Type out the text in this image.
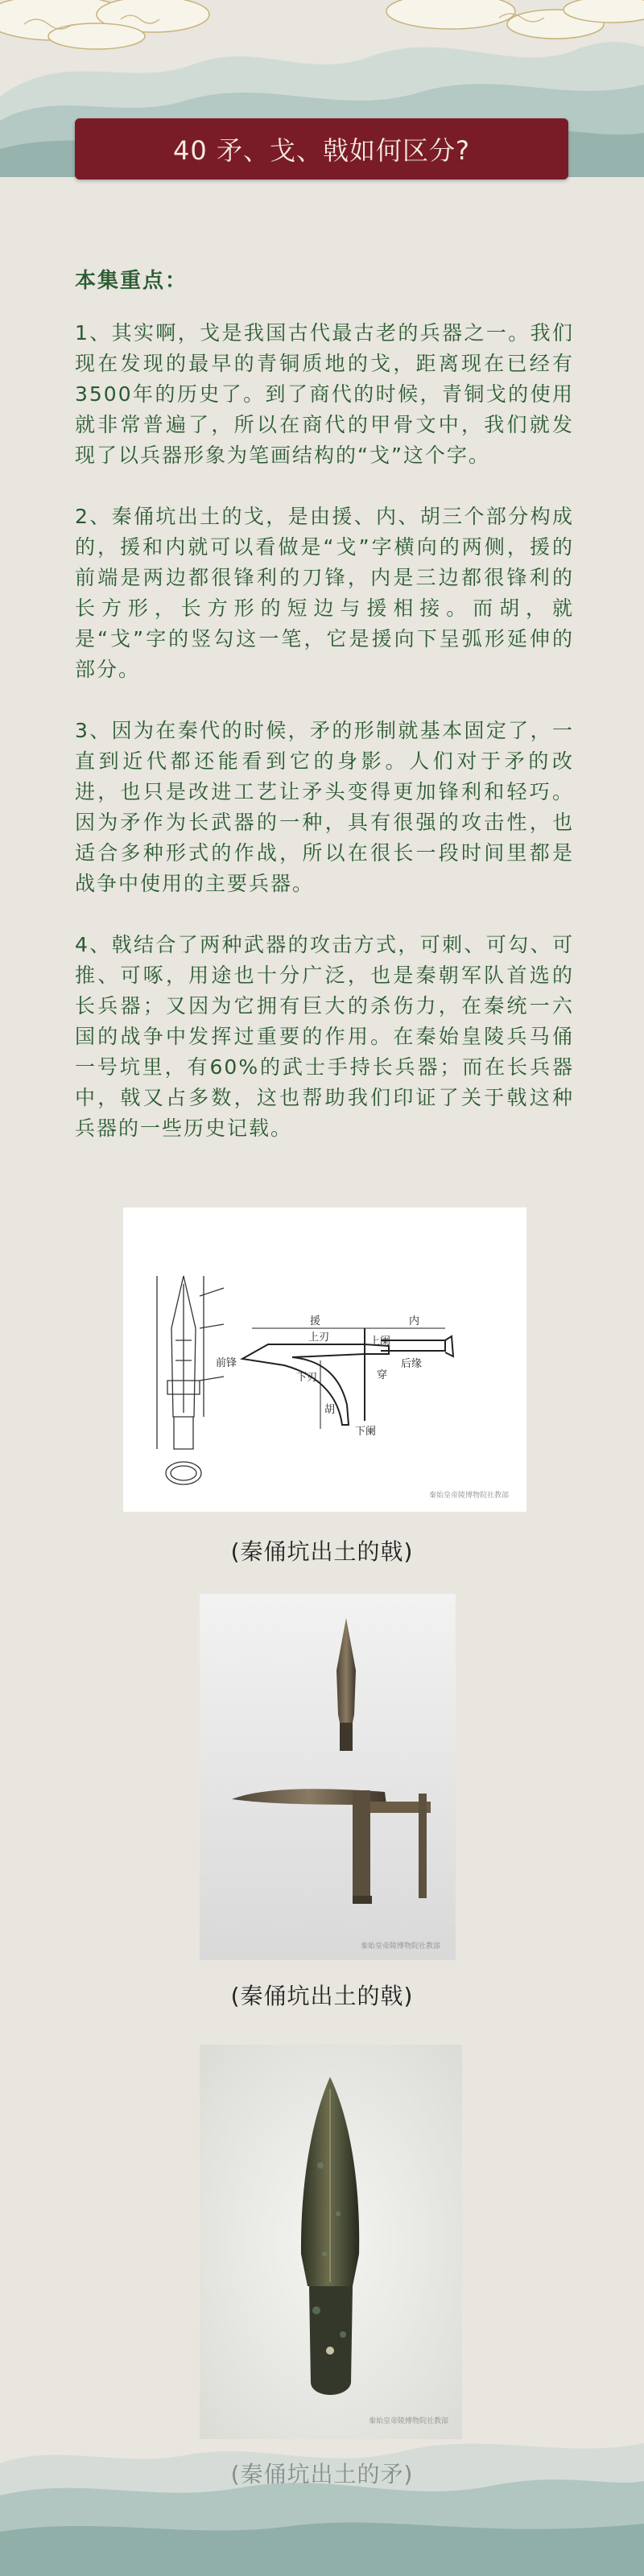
40 矛、戈、戟如何区分?
本集重点：

1、其实啊，戈是我国古代最古老的兵器之一。我们现在发现的最早的青铜质地的戈，距离现在已经有3500年的历史了。到了商代的时候，青铜戈的使用就非常普遍了，所以在商代的甲骨文中，我们就发现了以兵器形象为笔画结构的“戈”这个字。

2、秦俑坑出土的戈，是由援、内、胡三个部分构成的，援和内就可以看做是“戈”字横向的两侧，援的前端是两边都很锋利的刀锋，内是三边都很锋利的长方形，长方形的短边与援相接。而胡，就是“戈”字的竖勾这一笔，它是援向下呈弧形延伸的部分。

3、因为在秦代的时候，矛的形制就基本固定了，一直到近代都还能看到它的身影。人们对于矛的改进，也只是改进工艺让矛头变得更加锋利和轻巧。因为矛作为长武器的一种，具有很强的攻击性，也适合多种形式的作战，所以在很长一段时间里都是战争中使用的主要兵器。

4、戟结合了两种武器的攻击方式，可刺、可勾、可推、可啄，用途也十分广泛，也是秦朝军队首选的长兵器；又因为它拥有巨大的杀伤力，在秦统一六国的战争中发挥过重要的作用。在秦始皇陵兵马俑一号坑里，有60%的武士手持长兵器；而在长兵器中，戟又占多数，这也帮助我们印证了关于戟这种兵器的一些历史记载。

援	内
上刃
前锋
下刃
上阑
后缘
穿
胡
下阑
秦始皇帝陵博物院社教部
(秦俑坑出土的戟)
秦始皇帝陵博物院社教部
(秦俑坑出土的戟)
秦始皇帝陵博物院社教部
